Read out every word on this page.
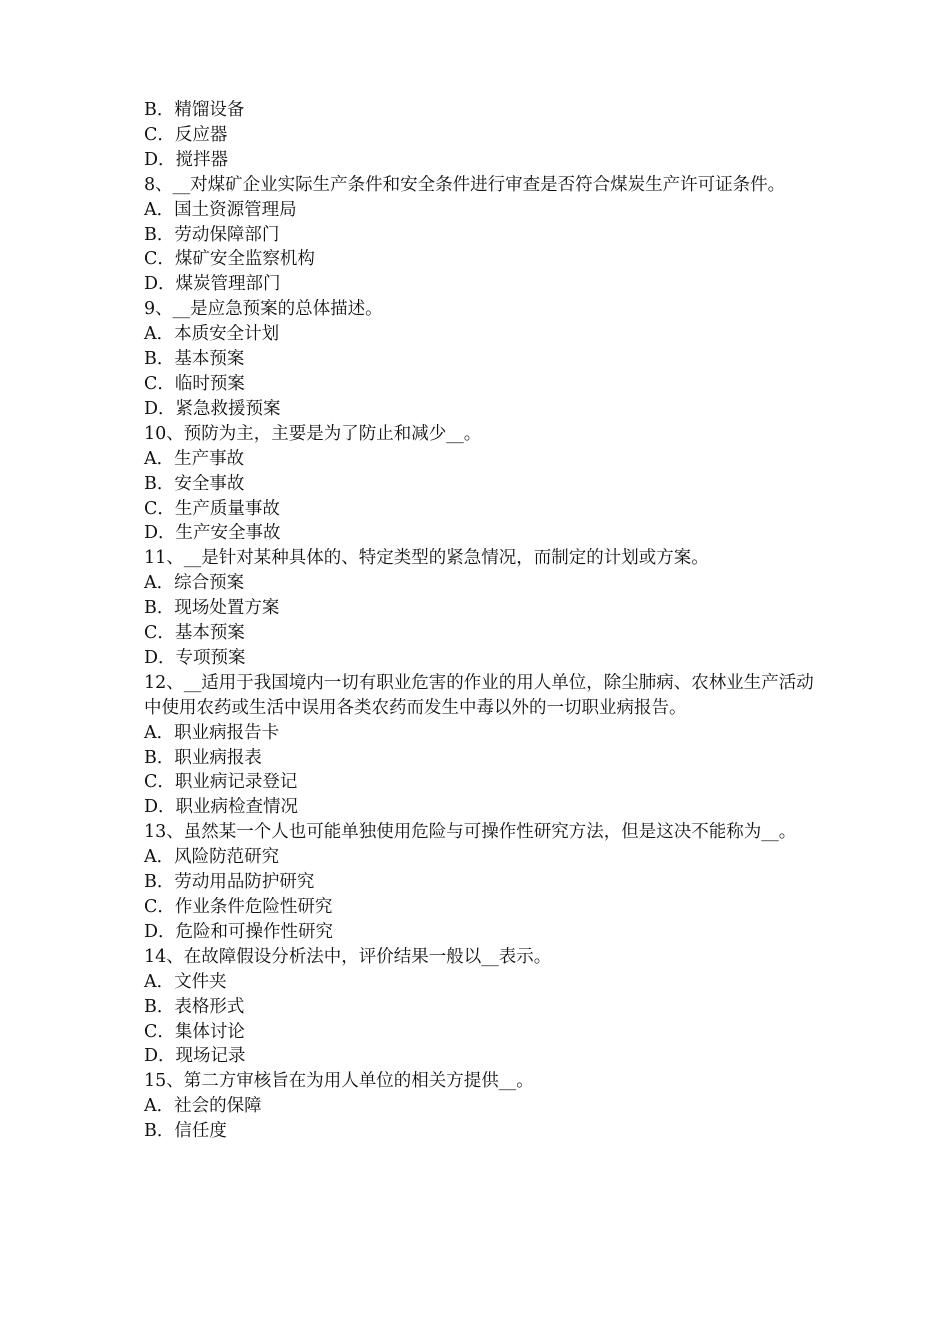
B．精馏设备

C．反应器

D．搅拌器

8、__对煤矿企业实际生产条件和安全条件进行审查是否符合煤炭生产许可证条件。

A．国土资源管理局

B．劳动保障部门

C．煤矿安全监察机构

D．煤炭管理部门

9、__是应急预案的总体描述。

A．本质安全计划

B．基本预案

C．临时预案

D．紧急救援预案

10、预防为主，主要是为了防止和减少__。

A．生产事故

B．安全事故

C．生产质量事故

D．生产安全事故

11、__是针对某种具体的、特定类型的紧急情况，而制定的计划或方案。

A．综合预案

B．现场处置方案

C．基本预案

D．专项预案

12、__适用于我国境内一切有职业危害的作业的用人单位，除尘肺病、农林业生产活动中使用农药或生活中误用各类农药而发生中毒以外的一切职业病报告。

A．职业病报告卡

B．职业病报表

C．职业病记录登记

D．职业病检查情况

13、虽然某一个人也可能单独使用危险与可操作性研究方法，但是这决不能称为__。

A．风险防范研究

B．劳动用品防护研究

C．作业条件危险性研究

D．危险和可操作性研究

14、在故障假设分析法中，评价结果一般以__表示。

A．文件夹

B．表格形式

C．集体讨论

D．现场记录

15、第二方审核旨在为用人单位的相关方提供__。

A．社会的保障

B．信任度
